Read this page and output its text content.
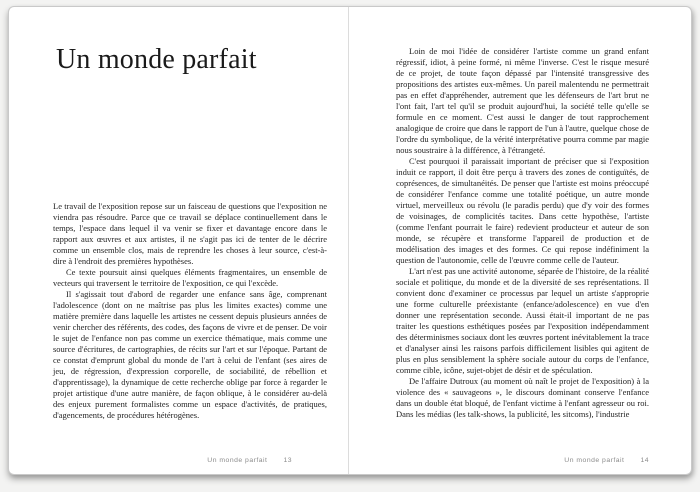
Un monde parfait

Le travail de l'exposition repose sur un faisceau de questions que l'exposition ne viendra pas résoudre. Parce que ce travail se déplace continuellement dans le temps, l'espace dans lequel il va venir se fixer et davantage encore dans le rapport aux œuvres et aux artistes, il ne s'agit pas ici de tenter de le décrire comme un ensemble clos, mais de reprendre les choses à leur source, c'est-à-dire à l'endroit des premières hypothèses.

Ce texte poursuit ainsi quelques éléments fragmentaires, un ensemble de vecteurs qui traversent le territoire de l'exposition, ce qui l'excède.

Il s'agissait tout d'abord de regarder une enfance sans âge, comprenant l'adolescence (dont on ne maîtrise pas plus les limites exactes) comme une matière première dans laquelle les artistes ne cessent depuis plusieurs années de venir chercher des référents, des codes, des façons de vivre et de penser. De voir le sujet de l'enfance non pas comme un exercice thématique, mais comme une source d'écritures, de cartographies, de récits sur l'art et sur l'époque. Partant de ce constat d'emprunt global du monde de l'art à celui de l'enfant (ses aires de jeu, de régression, d'expression corporelle, de sociabilité, de rébellion et d'apprentissage), la dynamique de cette recherche oblige par force à regarder le projet artistique d'une autre manière, de façon oblique, à le considérer au-delà des enjeux purement formalistes comme un espace d'activités, de pratiques, d'agencements, de procédures hétérogènes.

Un monde parfait 13

Loin de moi l'idée de considérer l'artiste comme un grand enfant régressif, idiot, à peine formé, ni même l'inverse. C'est le risque mesuré de ce projet, de toute façon dépassé par l'intensité transgressive des propositions des artistes eux-mêmes. Un pareil malentendu ne permettrait pas en effet d'appréhender, autrement que les défenseurs de l'art brut ne l'ont fait, l'art tel qu'il se produit aujourd'hui, la société telle qu'elle se formule en ce moment. C'est aussi le danger de tout rapprochement analogique de croire que dans le rapport de l'un à l'autre, quelque chose de l'ordre du symbolique, de la vérité interprétative pourra comme par magie nous soustraire à la différence, à l'étrangeté.

C'est pourquoi il paraissait important de préciser que si l'exposition induit ce rapport, il doit être perçu à travers des zones de contiguïtés, de coprésences, de simultanéités. De penser que l'artiste est moins préoccupé de considérer l'enfance comme une totalité poétique, un autre monde virtuel, merveilleux ou révolu (le paradis perdu) que d'y voir des formes de voisinages, de complicités tacites. Dans cette hypothèse, l'artiste (comme l'enfant pourrait le faire) redevient producteur et auteur de son monde, se récupère et transforme l'appareil de production et de modélisation des images et des formes. Ce qui repose indéfiniment la question de l'autonomie, celle de l'œuvre comme celle de l'auteur.

L'art n'est pas une activité autonome, séparée de l'histoire, de la réalité sociale et politique, du monde et de la diversité de ses représentations. Il convient donc d'examiner ce processus par lequel un artiste s'approprie une forme culturelle préexistante (enfance/adolescence) en vue d'en donner une représentation seconde. Aussi était-il important de ne pas traiter les questions esthétiques posées par l'exposition indépendamment des déterminismes sociaux dont les œuvres portent inévitablement la trace et d'analyser ainsi les raisons parfois difficilement lisibles qui agitent de plus en plus sensiblement la sphère sociale autour du corps de l'enfance, comme cible, icône, sujet-objet de désir et de spéculation.

De l'affaire Dutroux (au moment où naît le projet de l'exposition) à la violence des « sauvageons », le discours dominant conserve l'enfance dans un double état bloqué, de l'enfant victime à l'enfant agresseur ou roi. Dans les médias (les talk-shows, la publicité, les sitcoms), l'industrie

Un monde parfait 14
